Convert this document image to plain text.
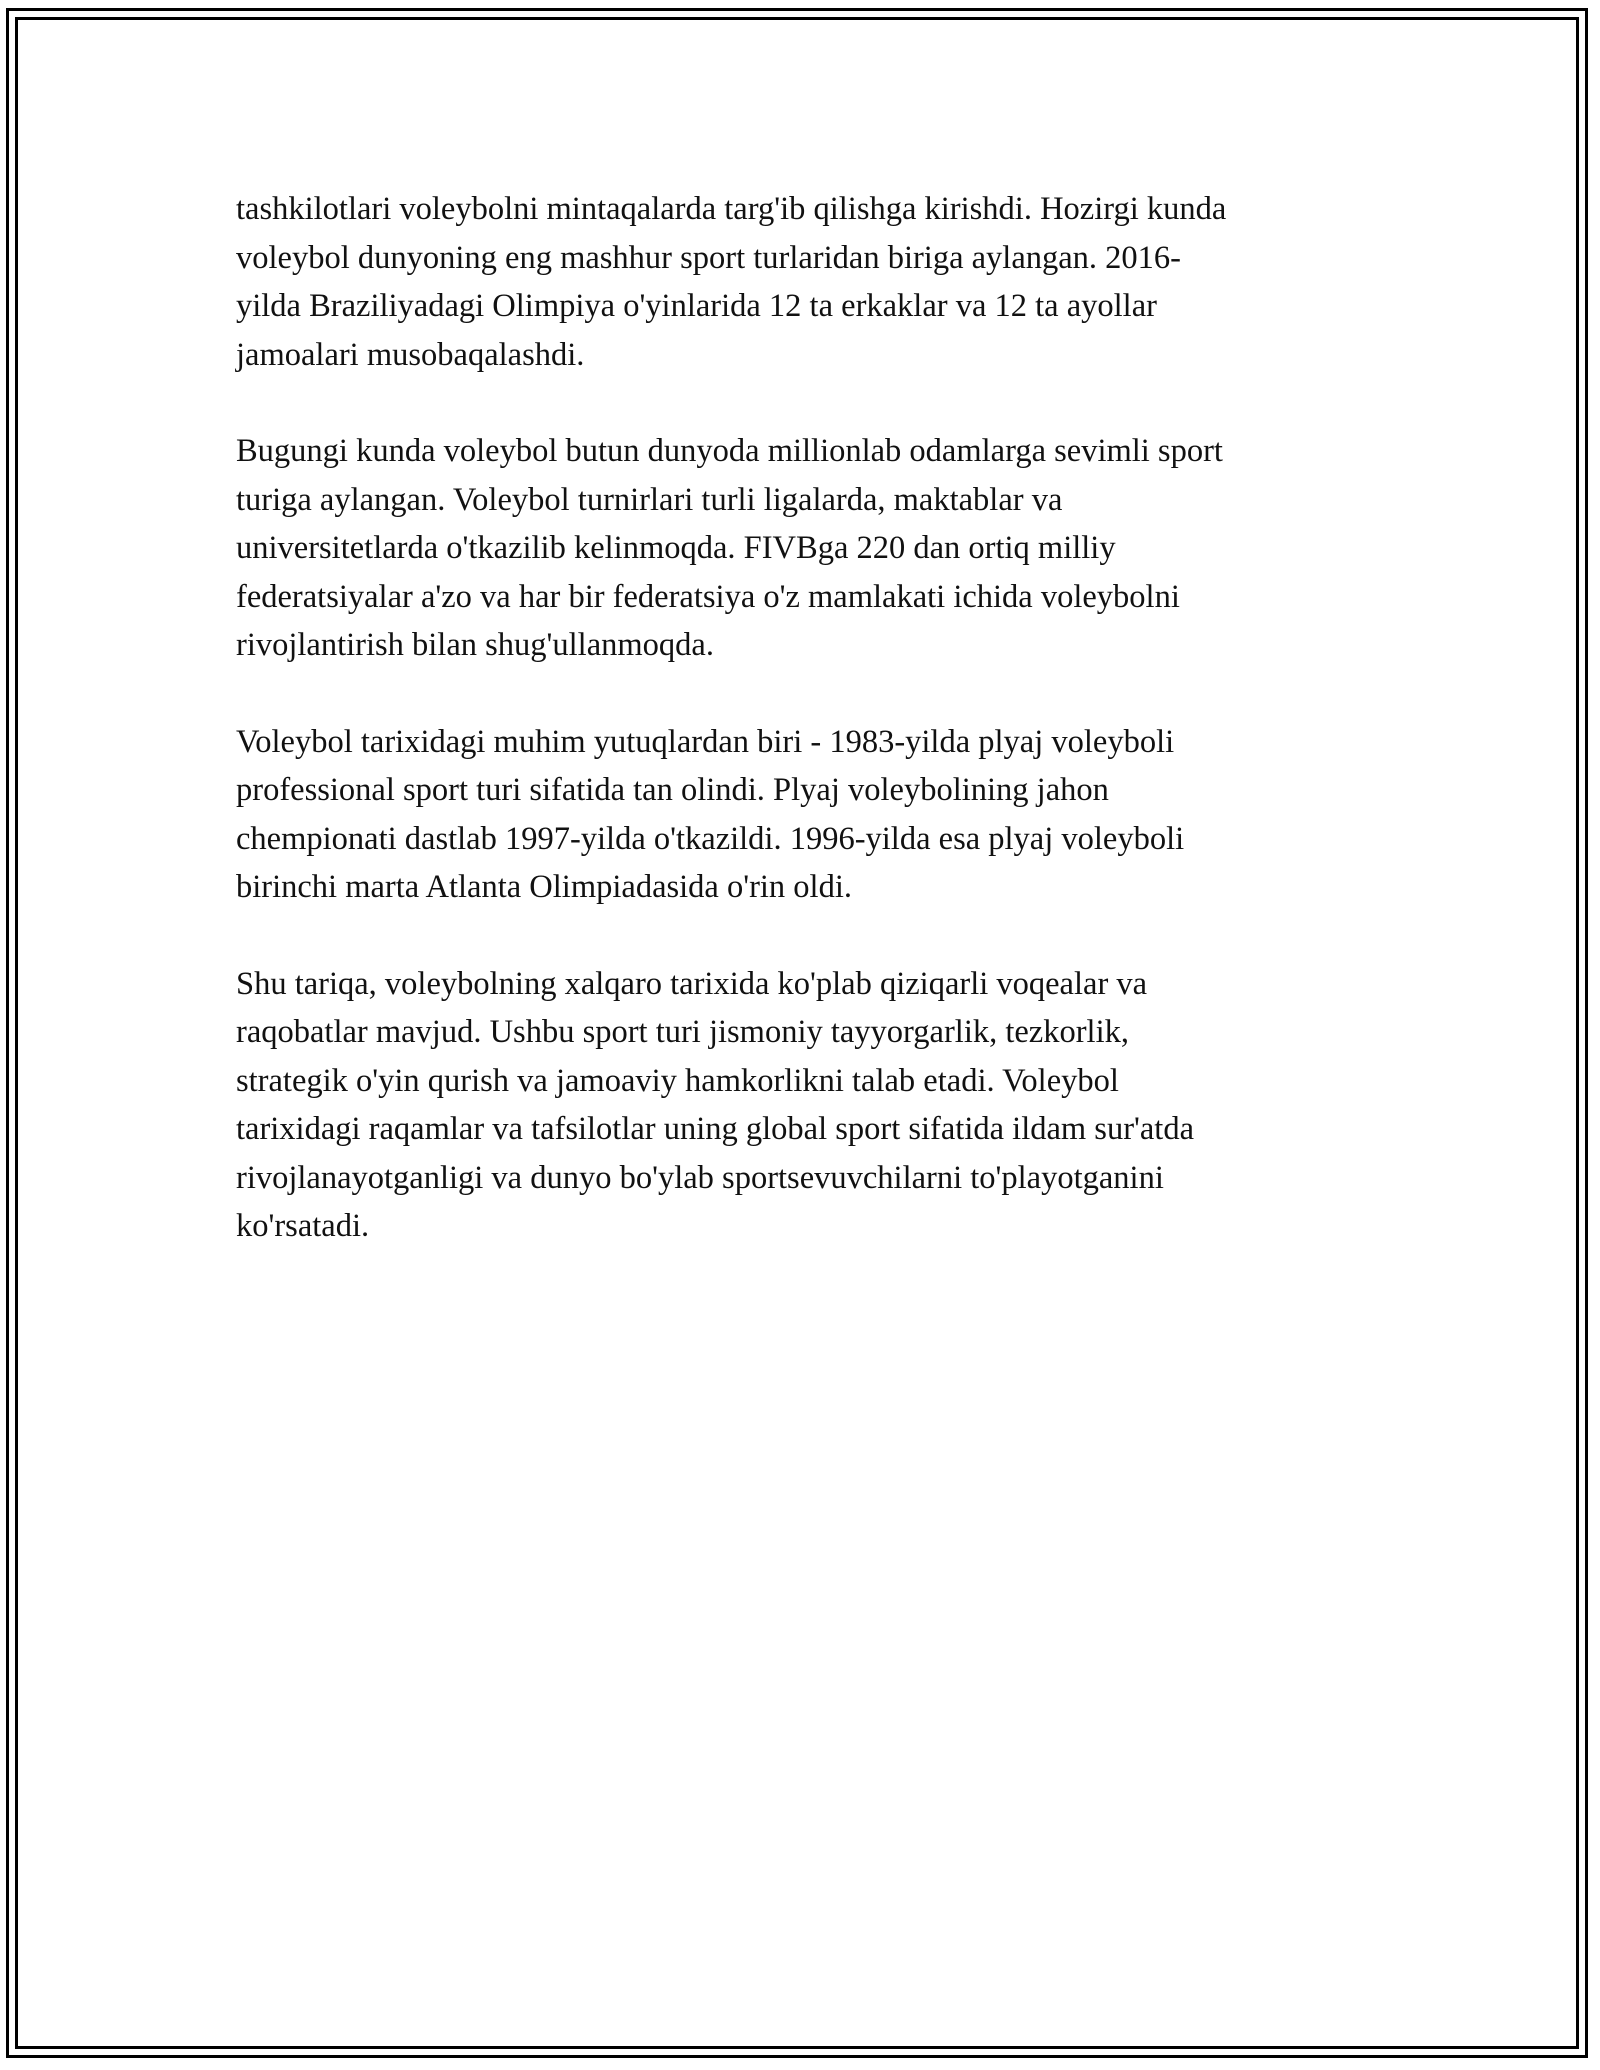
tashkilotlari voleybolni mintaqalarda targ'ib qilishga kirishdi. Hozirgi kunda
voleybol dunyoning eng mashhur sport turlaridan biriga aylangan. 2016-
yilda Braziliyadagi Olimpiya o'yinlarida 12 ta erkaklar va 12 ta ayollar
jamoalari musobaqalashdi.

Bugungi kunda voleybol butun dunyoda millionlab odamlarga sevimli sport
turiga aylangan. Voleybol turnirlari turli ligalarda, maktablar va
universitetlarda o'tkazilib kelinmoqda. FIVBga 220 dan ortiq milliy
federatsiyalar a'zo va har bir federatsiya o'z mamlakati ichida voleybolni
rivojlantirish bilan shug'ullanmoqda.

Voleybol tarixidagi muhim yutuqlardan biri - 1983-yilda plyaj voleyboli
professional sport turi sifatida tan olindi. Plyaj voleybolining jahon
chempionati dastlab 1997-yilda o'tkazildi. 1996-yilda esa plyaj voleyboli
birinchi marta Atlanta Olimpiadasida o'rin oldi.

Shu tariqa, voleybolning xalqaro tarixida ko'plab qiziqarli voqealar va
raqobatlar mavjud. Ushbu sport turi jismoniy tayyorgarlik, tezkorlik,
strategik o'yin qurish va jamoaviy hamkorlikni talab etadi. Voleybol
tarixidagi raqamlar va tafsilotlar uning global sport sifatida ildam sur'atda
rivojlanayotganligi va dunyo bo'ylab sportsevuvchilarni to'playotganini
ko'rsatadi.
